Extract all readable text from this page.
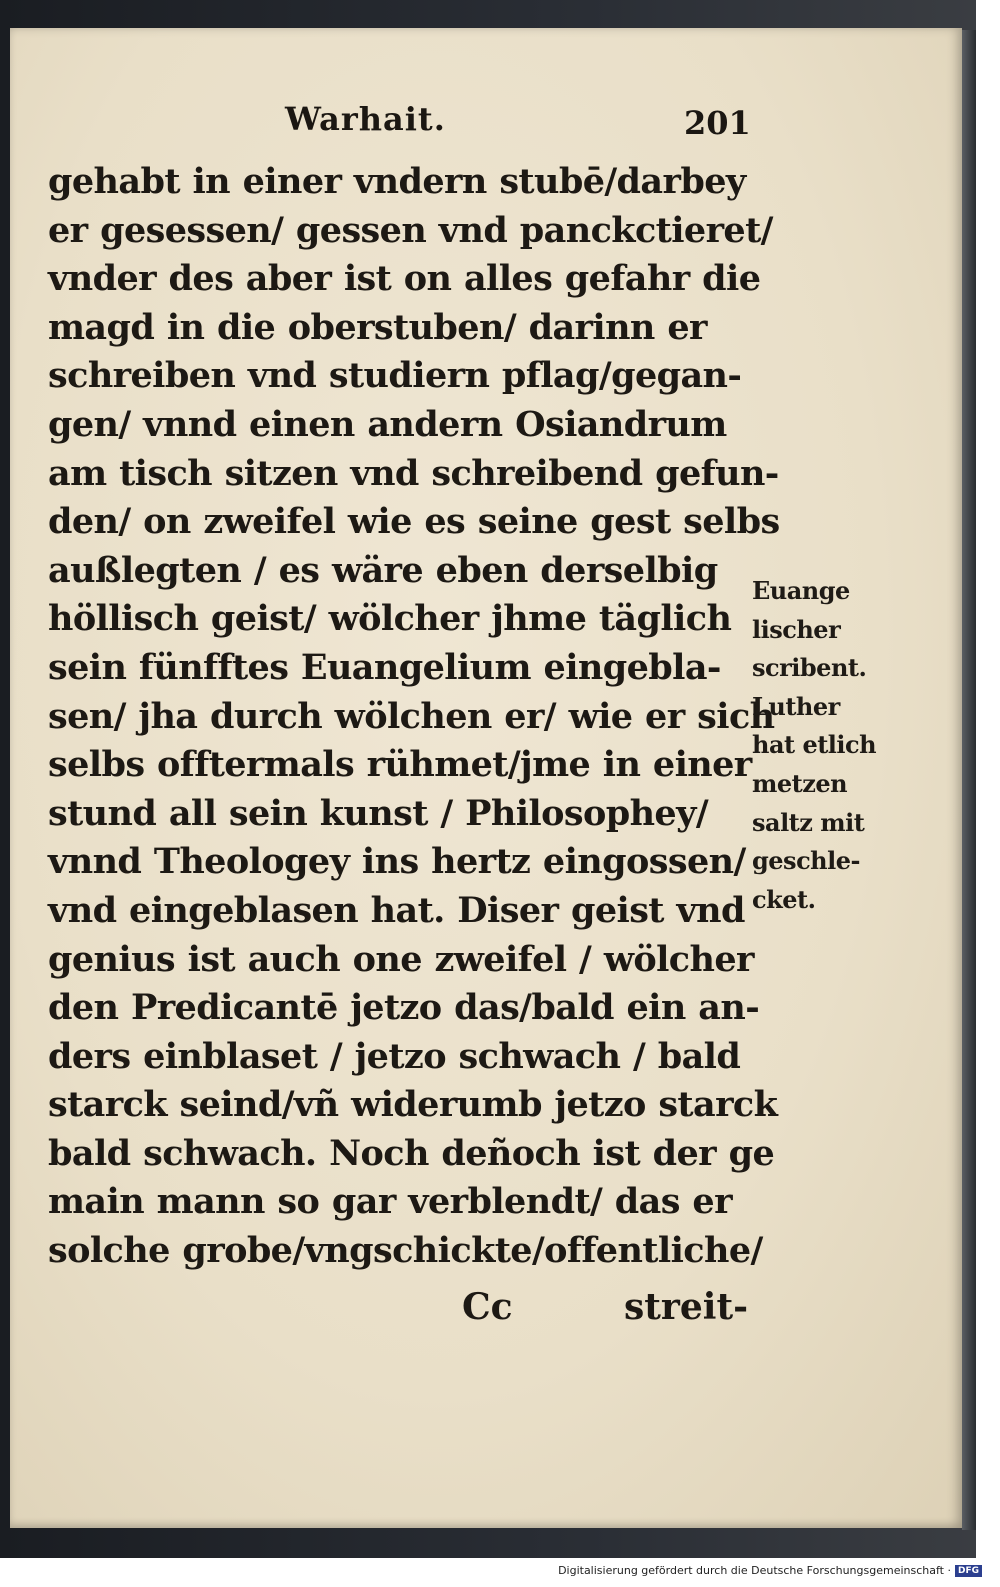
Warhait.	201
gehabt in einer vndern stubē/darbey
er gesessen/ gessen vnd panckctieret/
vnder des aber ist on alles gefahr die
magd in die oberstuben/ darinn er
schreiben vnd studiern pflag/gegan-
gen/ vnnd einen andern Osiandrum
am tisch sitzen vnd schreibend gefun-
den/ on zweifel wie es seine gest selbs
außlegten / es wäre eben derselbig
höllisch geist/ wölcher jhme täglich
sein fünfftes Euangelium eingebla-
sen/ jha durch wölchen er/ wie er sich
selbs offtermals rühmet/jme in einer
stund all sein kunst / Philosophey/
vnnd Theologey ins hertz eingossen/
vnd eingeblasen hat. Diser geist vnd
genius ist auch one zweifel / wölcher
den Predicantē jetzo das/bald ein an-
ders einblaset / jetzo schwach / bald
starck seind/vñ widerumb jetzo starck
bald schwach. Noch deñoch ist der ge
main mann so gar verblendt/ das er
solche grobe/vngschickte/offentliche/
Euange
lischer
scribent.
Luther
hat etlich
metzen
saltz mit
geschle-
cket.
Cc	streit-
Digitalisierung gefördert durch die Deutsche Forschungsgemeinschaft · DFG
